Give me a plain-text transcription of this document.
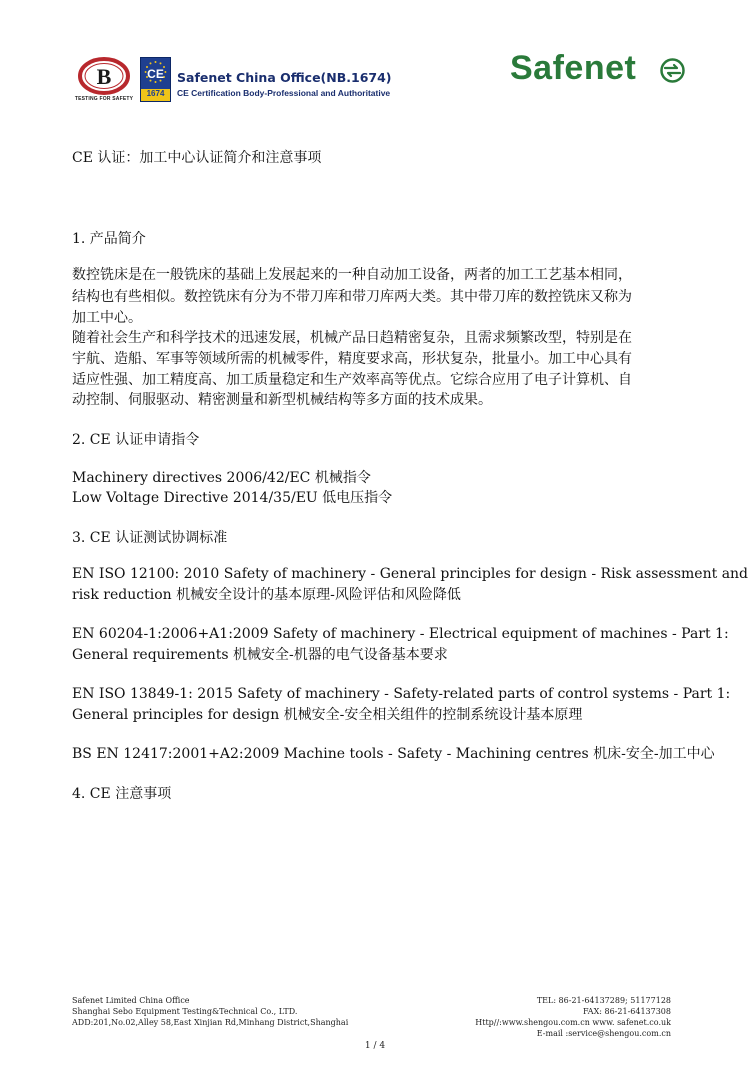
B
TESTING FOR SAFETY
CE
1674
Safenet China Office(NB.1674)
CE Certification Body-Professional and Authoritative
Safenet
CE 认证：加工中心认证简介和注意事项
1. 产品简介
数控铣床是在一般铣床的基础上发展起来的一种自动加工设备，两者的加工工艺基本相同，
结构也有些相似。数控铣床有分为不带刀库和带刀库两大类。其中带刀库的数控铣床又称为
加工中心。
随着社会生产和科学技术的迅速发展，机械产品日趋精密复杂，且需求频繁改型，特别是在
宇航、造船、军事等领域所需的机械零件，精度要求高，形状复杂，批量小。加工中心具有
适应性强、加工精度高、加工质量稳定和生产效率高等优点。它综合应用了电子计算机、自
动控制、伺服驱动、精密测量和新型机械结构等多方面的技术成果。
2. CE 认证申请指令
Machinery directives 2006/42/EC 机械指令
Low Voltage Directive 2014/35/EU 低电压指令
3. CE 认证测试协调标准
EN ISO 12100: 2010 Safety of machinery - General principles for design - Risk assessment and
risk reduction 机械安全设计的基本原理-风险评估和风险降低
EN 60204-1:2006+A1:2009 Safety of machinery - Electrical equipment of machines - Part 1:
General requirements 机械安全-机器的电气设备基本要求
EN ISO 13849-1: 2015 Safety of machinery - Safety-related parts of control systems - Part 1:
General principles for design 机械安全-安全相关组件的控制系统设计基本原理
BS EN 12417:2001+A2:2009 Machine tools - Safety - Machining centres 机床-安全-加工中心
4. CE 注意事项
Safenet Limited China Office
Shanghai Sebo Equipment Testing&Technical Co., LTD.
ADD:201,No.02,Alley 58,East Xinjian Rd,Minhang District,Shanghai
TEL: 86-21-64137289; 51177128
FAX: 86-21-64137308
Http//:www.shengou.com.cn www. safenet.co.uk
E-mail :service@shengou.com.cn
1 / 4
